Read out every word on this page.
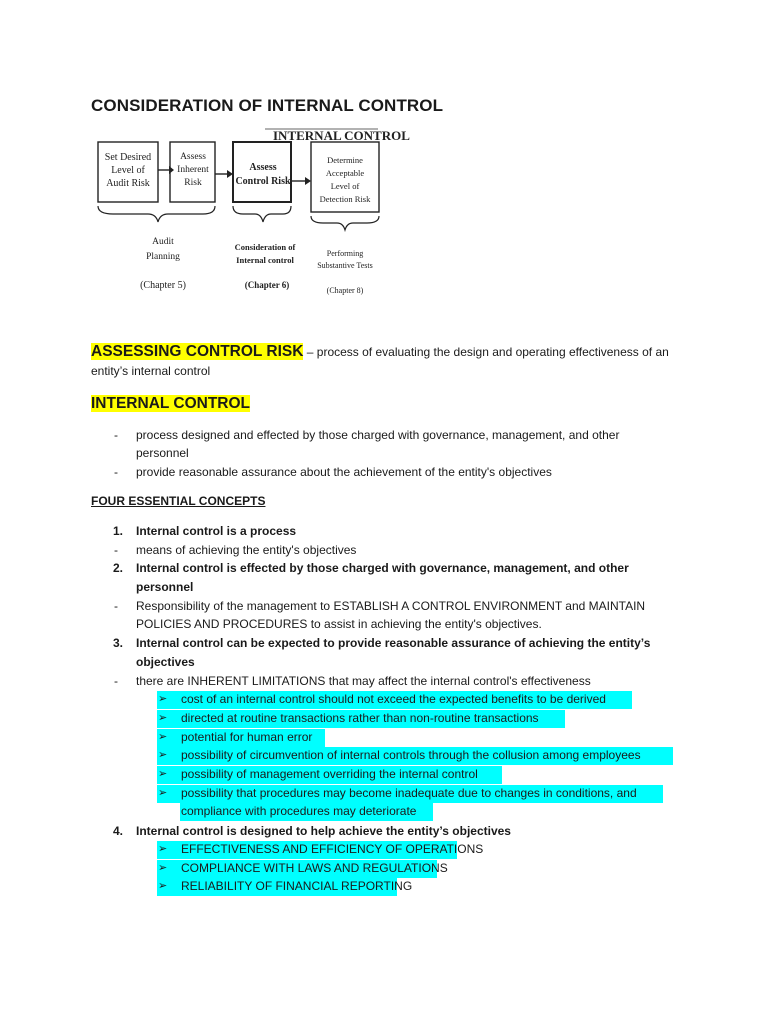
CONSIDERATION OF INTERNAL CONTROL
INTERNAL CONTROL
Set Desired
Level of
Audit Risk
Assess
Inherent
Risk
Assess
Control Risk
Determine
Acceptable
Level of
Detection Risk
Audit
Planning
Consideration of
Internal control
Performing
Substantive Tests
(Chapter 5)	(Chapter 6)
(Chapter 8)
ASSESSING CONTROL RISK – process of evaluating the design and operating effectiveness of an
entity’s internal control
INTERNAL CONTROL
- process designed and effected by those charged with governance, management, and other
personnel
- provide reasonable assurance about the achievement of the entity's objectives
FOUR ESSENTIAL CONCEPTS
1. Internal control is a process
- means of achieving the entity's objectives
2. Internal control is effected by those charged with governance, management, and other
personnel
- Responsibility of the management to ESTABLISH A CONTROL ENVIRONMENT and MAINTAIN
POLICIES AND PROCEDURES to assist in achieving the entity's objectives.
3. Internal control can be expected to provide reasonable assurance of achieving the entity’s
objectives
- there are INHERENT LIMITATIONS that may affect the internal control's effectiveness
➢ cost of an internal control should not exceed the expected benefits to be derived
➢ directed at routine transactions rather than non-routine transactions
➢ potential for human error
➢ possibility of circumvention of internal controls through the collusion among employees
➢ possibility of management overriding the internal control
➢ possibility that procedures may become inadequate due to changes in conditions, and
compliance with procedures may deteriorate
4. Internal control is designed to help achieve the entity’s objectives
➢ EFFECTIVENESS AND EFFICIENCY OF OPERATIONS
➢ COMPLIANCE WITH LAWS AND REGULATIONS
➢ RELIABILITY OF FINANCIAL REPORTING
